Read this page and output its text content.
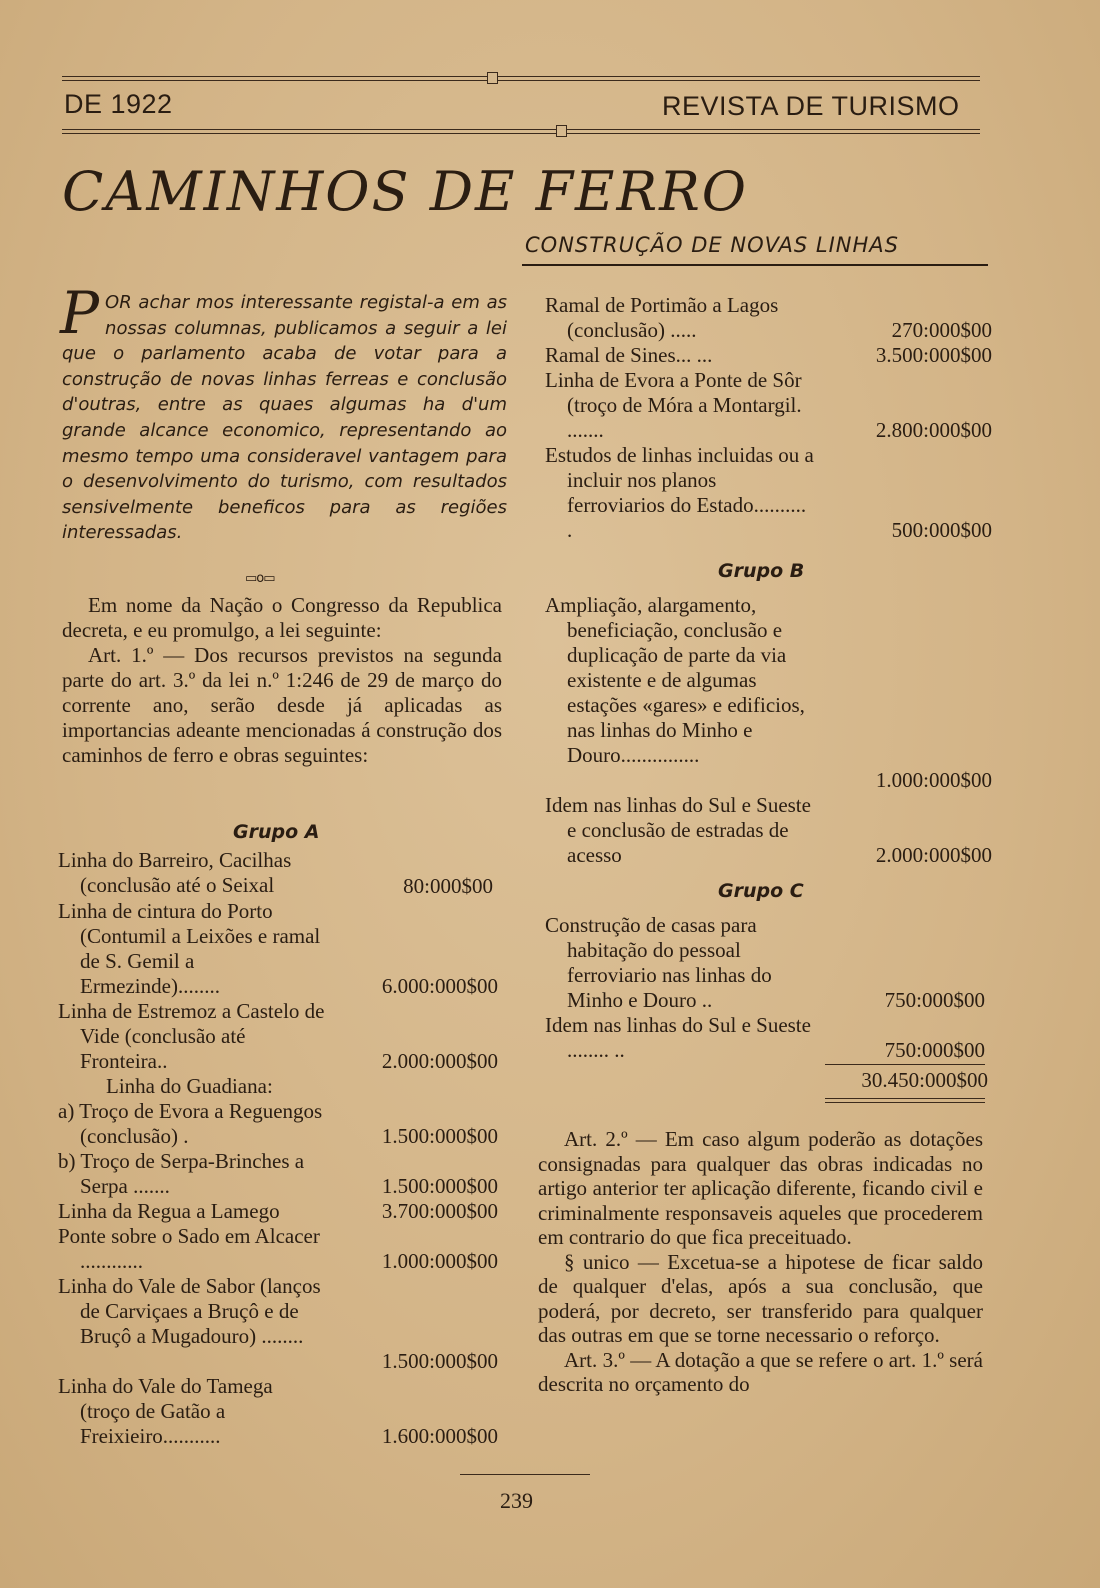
DE 1922	REVISTA DE TURISMO
CAMINHOS DE FERRO
CONSTRUÇÃO DE NOVAS LINHAS
POR achar mos interessante registal-a em as nossas columnas, publicamos a seguir a lei que o parlamento acaba de votar para a construção de novas linhas ferreas e conclusão d'outras, entre as quaes algumas ha d'um grande alcance economico, representando ao mesmo tempo uma consideravel vantagem para o desenvolvimento do turismo, com resultados sensivelmente beneficos para as regiões interessadas.
▭o▭

Em nome da Nação o Congresso da Republica decreta, e eu promulgo, a lei seguinte:

Art. 1.º — Dos recursos previstos na segunda parte do art. 3.º da lei n.º 1:246 de 29 de março do corrente ano, serão desde já aplicadas as importancias adeante mencionadas á construção dos caminhos de ferro e obras seguintes:

Grupo A
Linha do Barreiro, Cacilhas (conclusão até o Seixal	80:000$00
Linha de cintura do Porto (Contumil a Leixões e ramal de S. Gemil a Ermezinde)........	6.000:000$00
Linha de Estremoz a Castelo de Vide (conclusão até Fronteira..	2.000:000$00
Linha do Guadiana:
a) Troço de Evora a Reguengos (conclusão) .	1.500:000$00
b) Troço de Serpa-Brinches a Serpa .......	1.500:000$00
Linha da Regua a Lamego	3.700:000$00
Ponte sobre o Sado em Alcacer ............	1.000:000$00
Linha do Vale de Sabor (lanços de Carviçaes a Bruçô e de Bruçô a Mugadouro) ........
1.500:000$00
Linha do Vale do Tamega (troço de Gatão a Freixieiro...........	1.600:000$00
Ramal de Portimão a Lagos (conclusão) .....	270:000$00
Ramal de Sines... ...	3.500:000$00
Linha de Evora a Ponte de Sôr (troço de Móra a Montargil. .......	2.800:000$00
Estudos de linhas incluidas ou a incluir nos planos ferroviarios do Estado.......... .	500:000$00
Grupo B
Ampliação, alargamento, beneficiação, conclusão e duplicação de parte da via existente e de algumas estações «gares» e edificios, nas linhas do Minho e Douro...............
1.000:000$00
Idem nas linhas do Sul e Sueste e conclusão de estradas de acesso	2.000:000$00
Grupo C
Construção de casas para habitação do pessoal ferroviario nas linhas do Minho e Douro ..	750:000$00
Idem nas linhas do Sul e Sueste ........ ..	750:000$00
30.450:000$00

Art. 2.º — Em caso algum poderão as dotações consignadas para qualquer das obras indicadas no artigo anterior ter aplicação diferente, ficando civil e criminalmente responsaveis aqueles que procederem em contrario do que fica preceituado.

§ unico — Excetua-se a hipotese de ficar saldo de qualquer d'elas, após a sua conclusão, que poderá, por decreto, ser transferido para qualquer das outras em que se torne necessario o reforço.

Art. 3.º — A dotação a que se refere o art. 1.º será descrita no orçamento do

239
